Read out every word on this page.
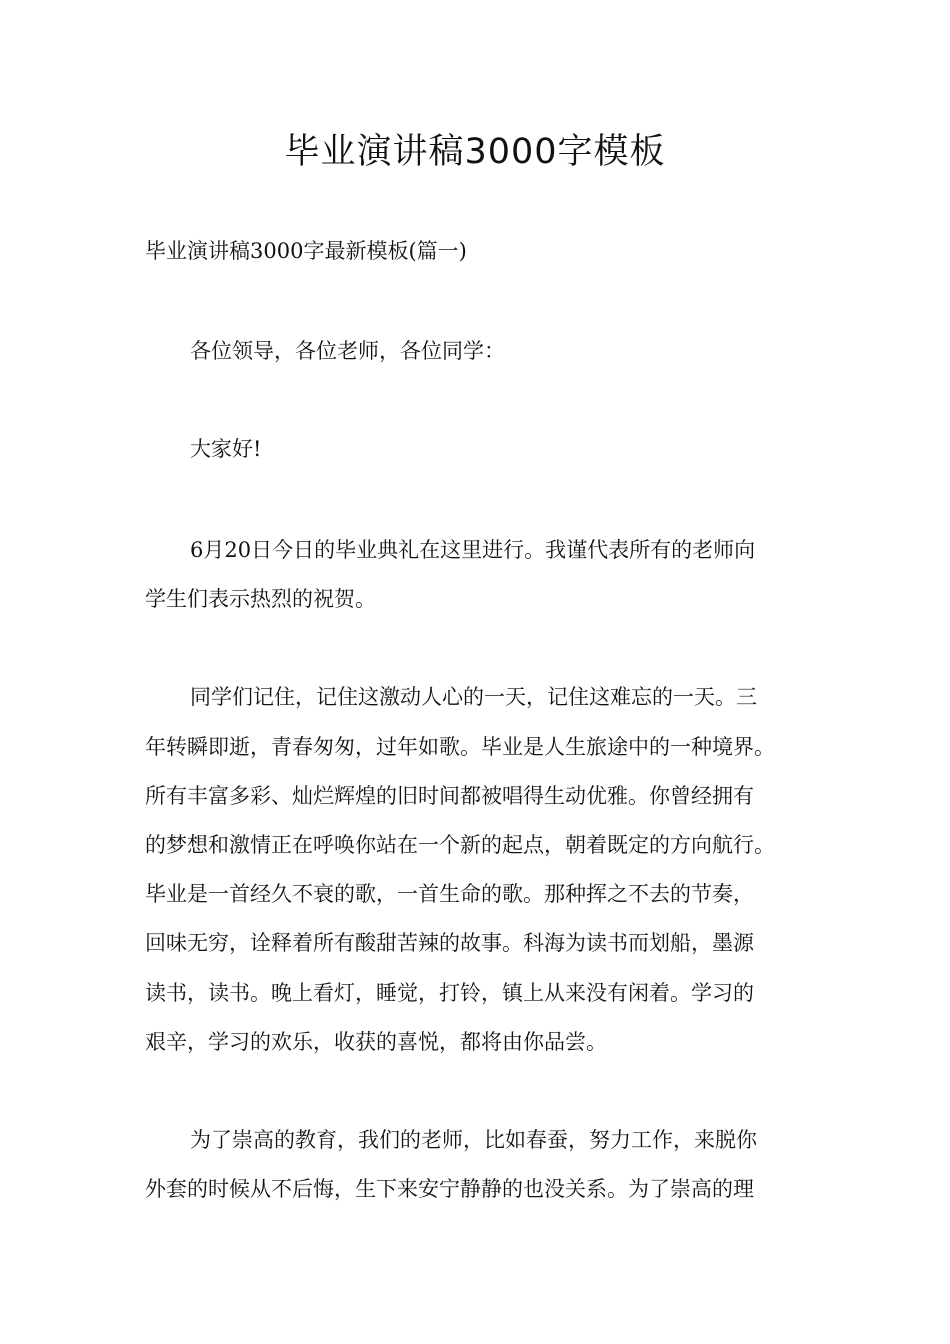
毕业演讲稿3000字模板
毕业演讲稿3000字最新模板(篇一)
各位领导，各位老师，各位同学：
大家好!
6月20日今日的毕业典礼在这里进行。我谨代表所有的老师向
学生们表示热烈的祝贺。
同学们记住，记住这激动人心的一天，记住这难忘的一天。三
年转瞬即逝，青春匆匆，过年如歌。毕业是人生旅途中的一种境界。
所有丰富多彩、灿烂辉煌的旧时间都被唱得生动优雅。你曾经拥有
的梦想和激情正在呼唤你站在一个新的起点，朝着既定的方向航行。
毕业是一首经久不衰的歌，一首生命的歌。那种挥之不去的节奏，
回味无穷，诠释着所有酸甜苦辣的故事。科海为读书而划船，墨源
读书，读书。晚上看灯，睡觉，打铃，镇上从来没有闲着。学习的
艰辛，学习的欢乐，收获的喜悦，都将由你品尝。
为了崇高的教育，我们的老师，比如春蚕，努力工作，来脱你
外套的时候从不后悔，生下来安宁静静的也没关系。为了崇高的理
